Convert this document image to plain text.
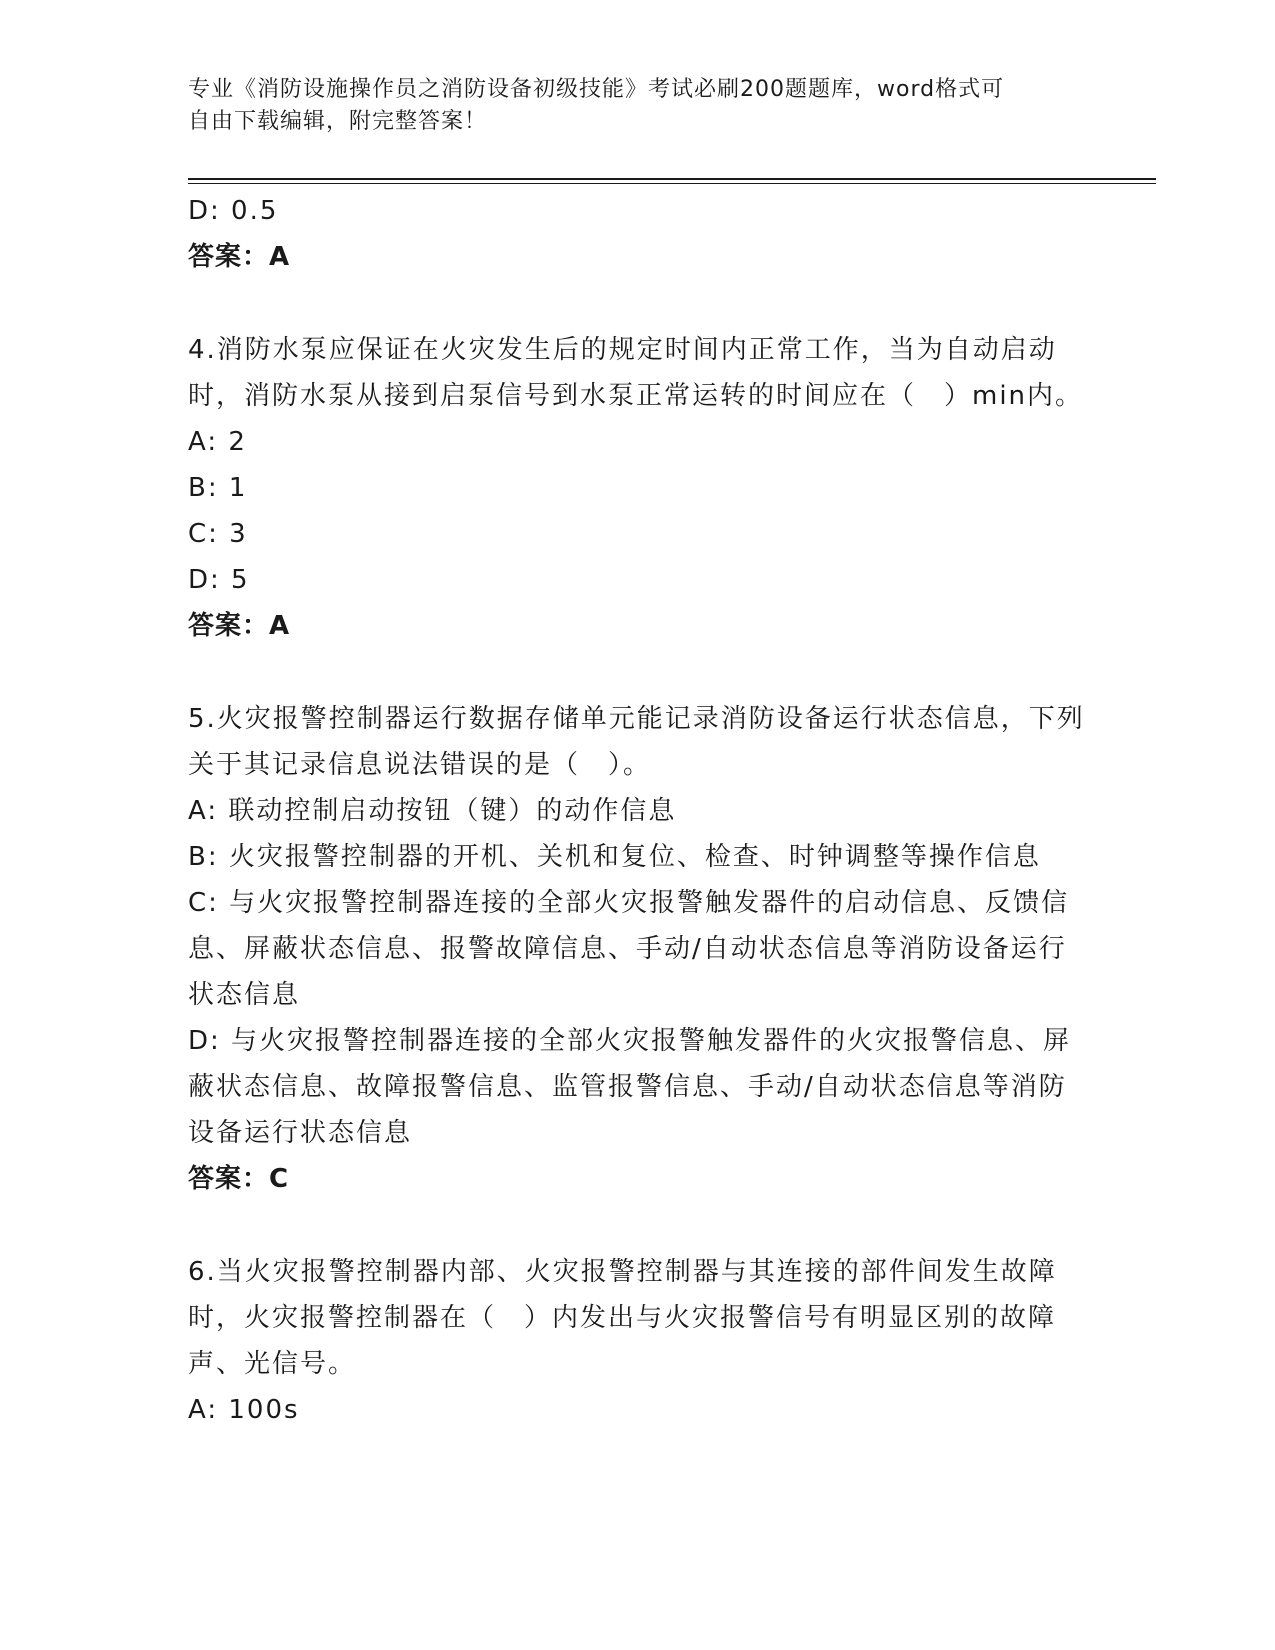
专业《消防设施操作员之消防设备初级技能》考试必刷200题题库，word格式可
自由下载编辑，附完整答案！

D: 0.5

答案：A

4.消防水泵应保证在火灾发生后的规定时间内正常工作，当为自动启动时，消防水泵从接到启泵信号到水泵正常运转的时间应在（　）min内。

A: 2

B: 1

C: 3

D: 5

答案：A

5.火灾报警控制器运行数据存储单元能记录消防设备运行状态信息，下列关于其记录信息说法错误的是（　）。

A: 联动控制启动按钮（键）的动作信息

B: 火灾报警控制器的开机、关机和复位、检查、时钟调整等操作信息

C: 与火灾报警控制器连接的全部火灾报警触发器件的启动信息、反馈信息、屏蔽状态信息、报警故障信息、手动/自动状态信息等消防设备运行状态信息

D: 与火灾报警控制器连接的全部火灾报警触发器件的火灾报警信息、屏蔽状态信息、故障报警信息、监管报警信息、手动/自动状态信息等消防设备运行状态信息

答案：C

6.当火灾报警控制器内部、火灾报警控制器与其连接的部件间发生故障时，火灾报警控制器在（　）内发出与火灾报警信号有明显区别的故障声、光信号。

A: 100s
